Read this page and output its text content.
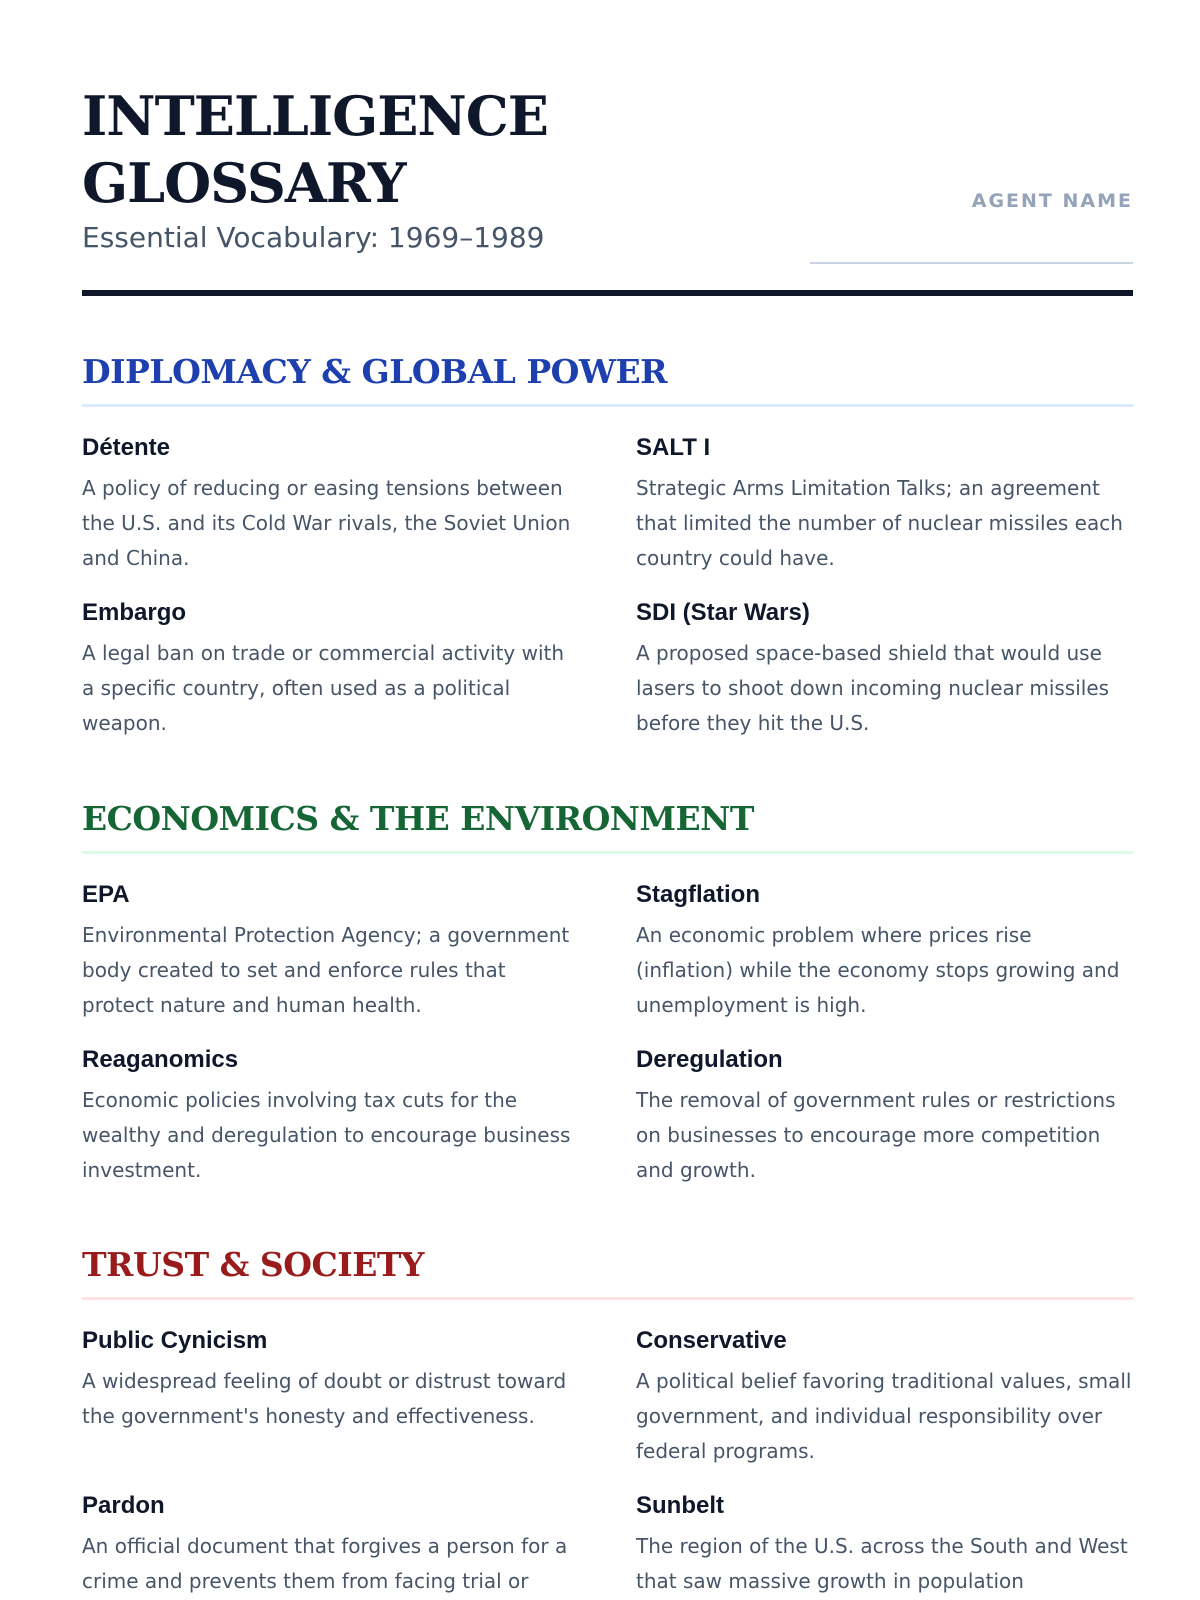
INTELLIGENCE
GLOSSARY
Essential Vocabulary: 1969–1989
AGENT NAME
DIPLOMACY & GLOBAL POWER
Détente

A policy of reducing or easing tensions between the U.S. and its Cold War rivals, the Soviet Union and China.

SALT I

Strategic Arms Limitation Talks; an agreement that limited the number of nuclear missiles each country could have.

Embargo

A legal ban on trade or commercial activity with a specific country, often used as a political weapon.

SDI (Star Wars)

A proposed space-based shield that would use lasers to shoot down incoming nuclear missiles before they hit the U.S.

ECONOMICS & THE ENVIRONMENT
EPA

Environmental Protection Agency; a government body created to set and enforce rules that protect nature and human health.

Stagflation

An economic problem where prices rise (inflation) while the economy stops growing and unemployment is high.

Reaganomics

Economic policies involving tax cuts for the wealthy and deregulation to encourage business investment.

Deregulation

The removal of government rules or restrictions on businesses to encourage more competition and growth.

TRUST & SOCIETY
Public Cynicism

A widespread feeling of doubt or distrust toward the government's honesty and effectiveness.

Conservative

A political belief favoring traditional values, small government, and individual responsibility over federal programs.

Pardon

An official document that forgives a person for a crime and prevents them from facing trial or

Sunbelt

The region of the U.S. across the South and West that saw massive growth in population
